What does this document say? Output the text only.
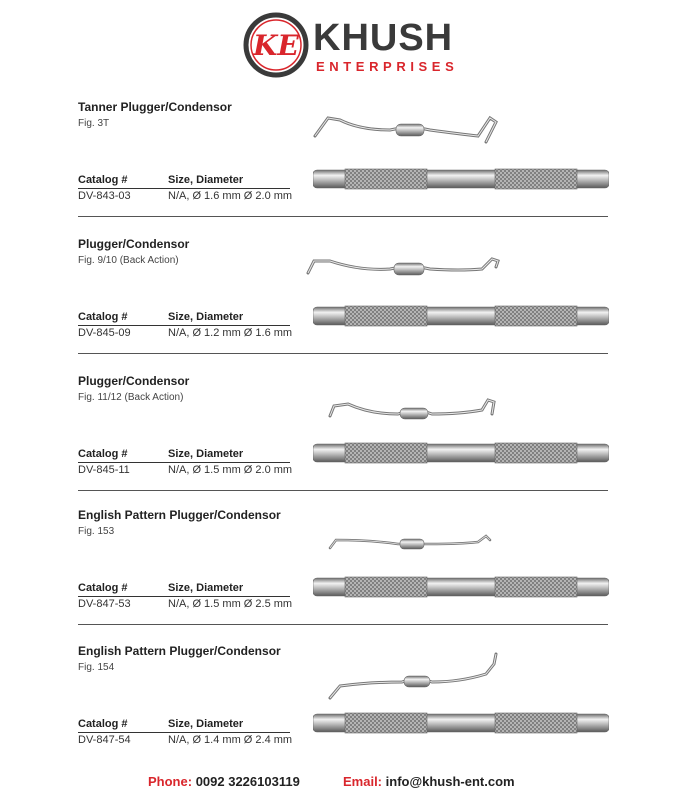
KE KHUSH
ENTERPRISES
Tanner Plugger/Condensor
Fig. 3T
Catalog #	Size, Diameter
DV-843-03	N/A, Ø 1.6 mm Ø 2.0 mm
Plugger/Condensor
Fig. 9/10 (Back Action)
Catalog #	Size, Diameter
DV-845-09	N/A, Ø 1.2 mm Ø 1.6 mm
Plugger/Condensor
Fig. 11/12 (Back Action)
Catalog #	Size, Diameter
DV-845-11	N/A, Ø 1.5 mm Ø 2.0 mm
English Pattern Plugger/Condensor
Fig. 153
Catalog #	Size, Diameter
DV-847-53	N/A, Ø 1.5 mm Ø 2.5 mm
English Pattern Plugger/Condensor
Fig. 154
Catalog #	Size, Diameter
DV-847-54	N/A, Ø 1.4 mm Ø 2.4 mm
Phone: 0092 3226103119	Email: info@khush-ent.com
